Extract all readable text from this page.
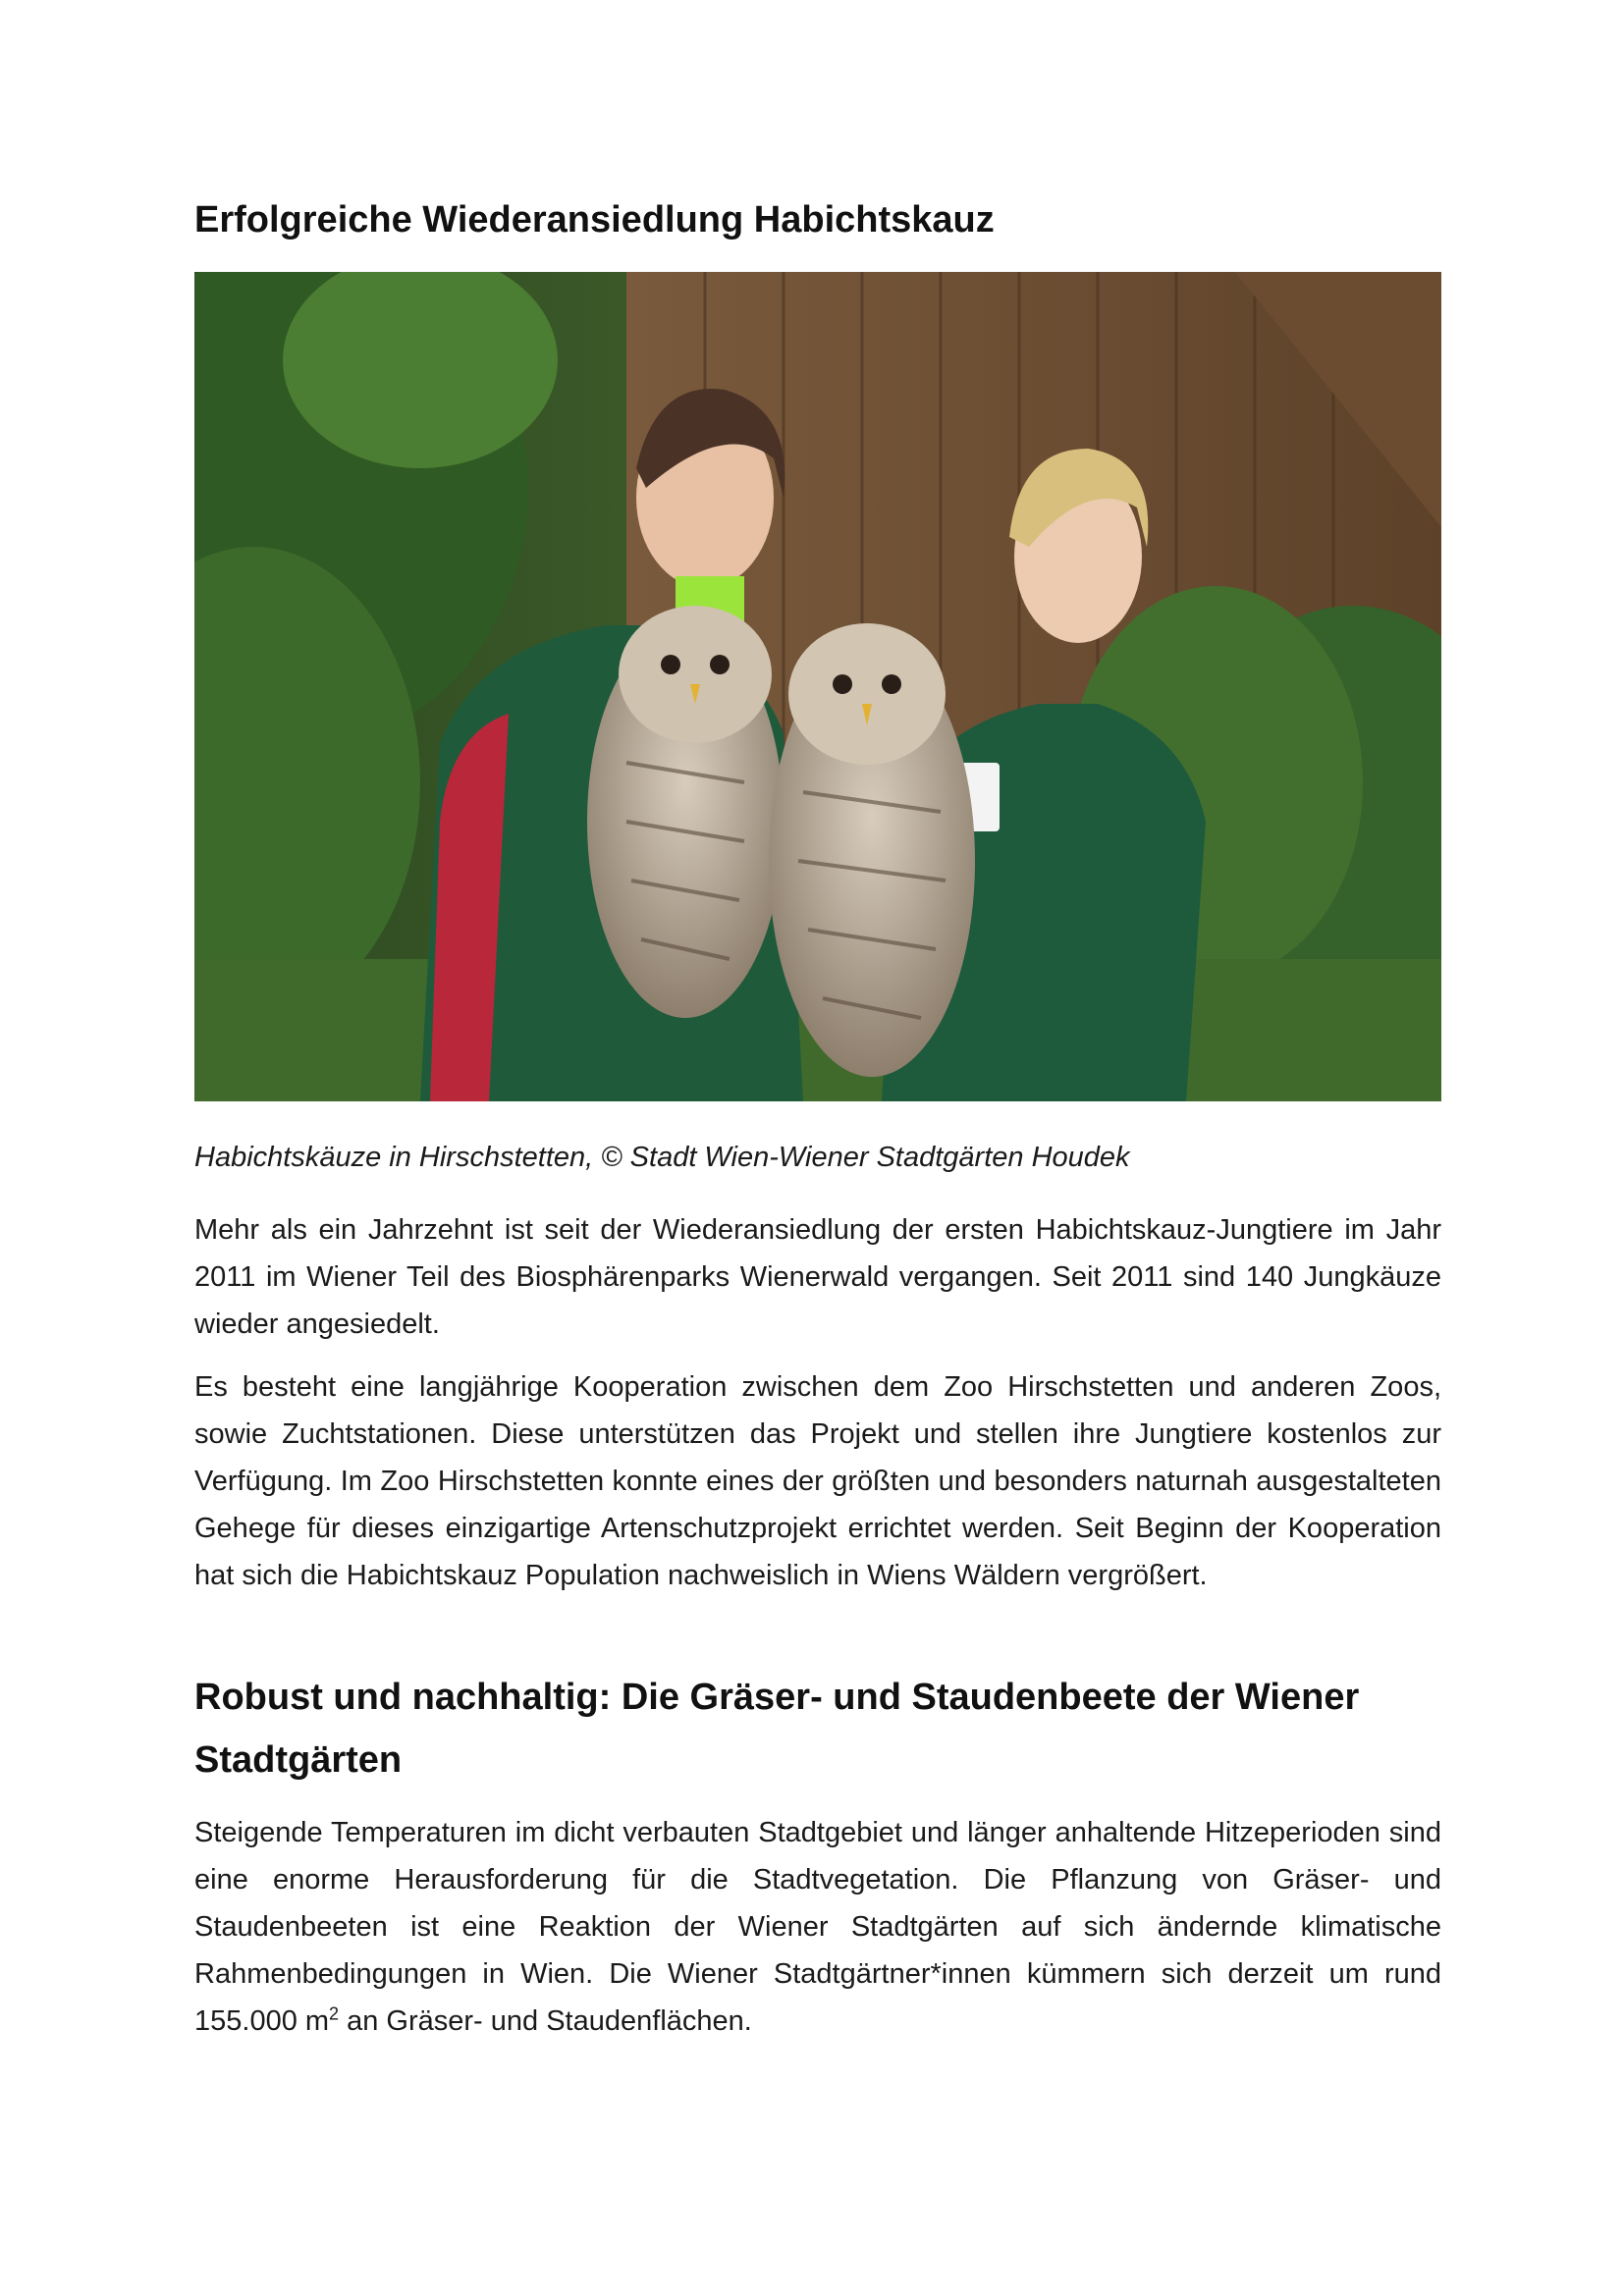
Erfolgreiche Wiederansiedlung Habichtskauz

Habichtskäuze in Hirschstetten, © Stadt Wien-Wiener Stadtgärten Houdek

Mehr als ein Jahrzehnt ist seit der Wiederansiedlung der ersten Habichtskauz-Jungtiere im Jahr 2011 im Wiener Teil des Biosphärenparks Wienerwald vergangen. Seit 2011 sind 140 Jungkäuze wieder angesiedelt.

Es besteht eine langjährige Kooperation zwischen dem Zoo Hirschstetten und anderen Zoos, sowie Zuchtstationen. Diese unterstützen das Projekt und stellen ihre Jungtiere kostenlos zur Verfügung. Im Zoo Hirschstetten konnte eines der größten und besonders naturnah ausgestalteten Gehege für dieses einzigartige Artenschutzprojekt errichtet werden. Seit Beginn der Kooperation hat sich die Habichtskauz Population nachweislich in Wiens Wäldern vergrößert.

Robust und nachhaltig: Die Gräser- und Staudenbeete der Wiener Stadtgärten

Steigende Temperaturen im dicht verbauten Stadtgebiet und länger anhaltende Hitzeperioden sind eine enorme Herausforderung für die Stadtvegetation. Die Pflanzung von Gräser- und Staudenbeeten ist eine Reaktion der Wiener Stadtgärten auf sich ändernde klimatische Rahmenbedingungen in Wien. Die Wiener Stadtgärtner*innen kümmern sich derzeit um rund 155.000 $m^2$ an Gräser- und Staudenflächen.
